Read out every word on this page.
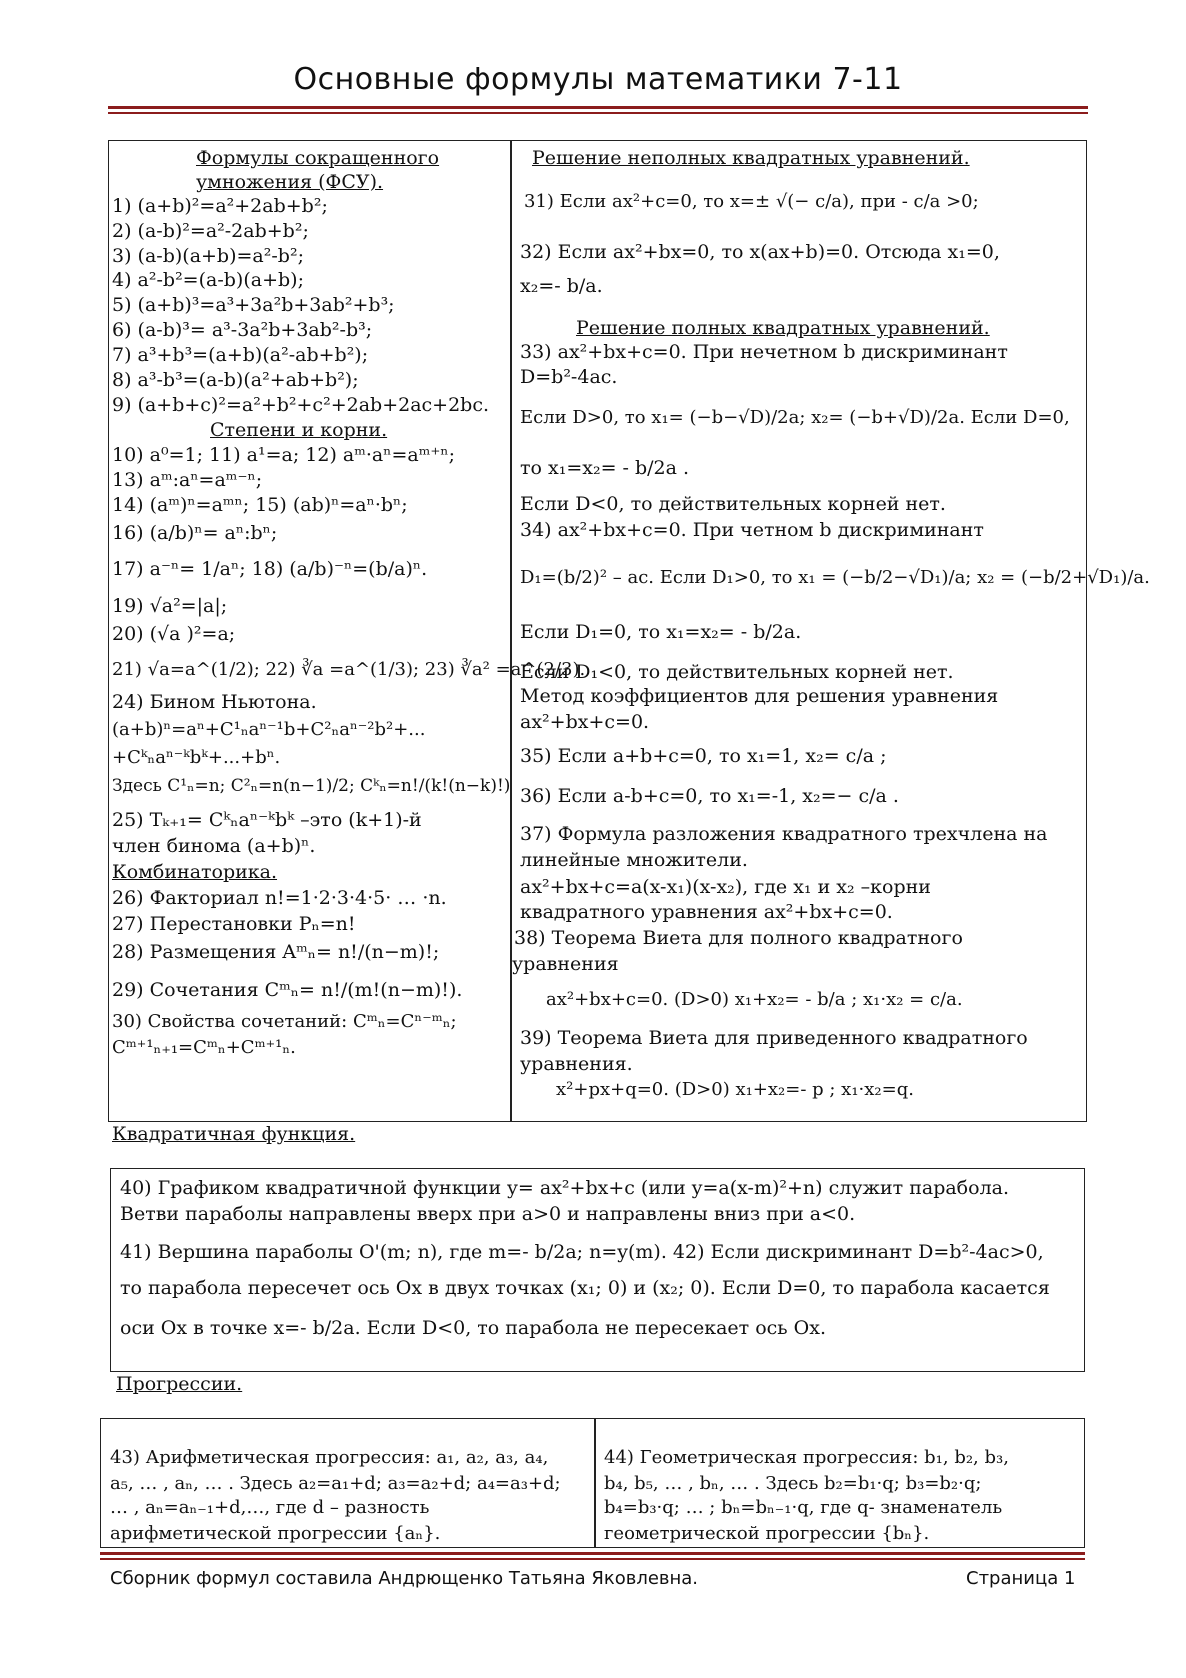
Основные формулы математики 7-11
Формулы сокращенного
умножения (ФСУ).
1) (a+b)²=a²+2ab+b²;
2) (a-b)²=a²-2ab+b²;
3) (a-b)(a+b)=a²-b²;
4) a²-b²=(a-b)(a+b);
5) (a+b)³=a³+3a²b+3ab²+b³;
6) (a-b)³= a³-3a²b+3ab²-b³;
7) a³+b³=(a+b)(a²-ab+b²);
8) a³-b³=(a-b)(a²+ab+b²);
9) (a+b+c)²=a²+b²+c²+2ab+2ac+2bc.
Степени и корни.
10) a⁰=1; 11) a¹=a; 12) aᵐ·aⁿ=aᵐ⁺ⁿ;
13) aᵐ:aⁿ=aᵐ⁻ⁿ;
14) (aᵐ)ⁿ=aᵐⁿ; 15) (ab)ⁿ=aⁿ·bⁿ;
16) (a/b)ⁿ= aⁿ:bⁿ;
17) a⁻ⁿ= 1/aⁿ; 18) (a/b)⁻ⁿ=(b/a)ⁿ.
19) √a²=|a|;
20) (√a )²=a;
21) √a=a^(1/2); 22) ∛a =a^(1/3); 23) ∛a² =a^(2/3).
24) Бином Ньютона.
(a+b)ⁿ=aⁿ+C¹ₙaⁿ⁻¹b+C²ₙaⁿ⁻²b²+...
+Cᵏₙaⁿ⁻ᵏbᵏ+...+bⁿ.
Здесь C¹ₙ=n; C²ₙ=n(n−1)/2; Cᵏₙ=n!/(k!(n−k)!)
25) Tₖ₊₁= Cᵏₙaⁿ⁻ᵏbᵏ –это (k+1)-й
член бинома (a+b)ⁿ.
Комбинаторика.
26) Факториал n!=1·2·3·4·5· … ·n.
27) Перестановки Pₙ=n!
28) Размещения Aᵐₙ= n!/(n−m)!;
29) Сочетания Cᵐₙ= n!/(m!(n−m)!).
30) Свойства сочетаний: Cᵐₙ=Cⁿ⁻ᵐₙ;
Cᵐ⁺¹ₙ₊₁=Cᵐₙ+Cᵐ⁺¹ₙ.
Решение неполных квадратных уравнений.
31) Если ax²+c=0, то x=± √(− c/a), при - c/a >0;
32) Если ax²+bx=0, то x(ax+b)=0. Отсюда x₁=0,
x₂=- b/a.
Решение полных квадратных уравнений.
33) ax²+bx+c=0. При нечетном b дискриминант
D=b²-4ac.
Если D>0, то x₁= (−b−√D)/2a; x₂= (−b+√D)/2a. Если D=0,
то x₁=x₂= - b/2a .
Если D<0, то действительных корней нет.
34) ax²+bx+c=0. При четном b дискриминант
D₁=(b/2)² – ac. Если D₁>0, то x₁ = (−b/2−√D₁)/a; x₂ = (−b/2+√D₁)/a.
Если D₁=0, то x₁=x₂= - b/2a.
Если D₁<0, то действительных корней нет.
Метод коэффициентов для решения уравнения
ax²+bx+c=0.
35) Если a+b+c=0, то x₁=1, x₂= c/a ;
36) Если a-b+c=0, то x₁=-1, x₂=− c/a .
37) Формула разложения квадратного трехчлена на
линейные множители.
ax²+bx+c=a(x-x₁)(x-x₂), где x₁ и x₂ –корни
квадратного уравнения ax²+bx+c=0.
38) Теорема Виета для полного квадратного
уравнения
ax²+bx+c=0. (D>0) x₁+x₂= - b/a ; x₁·x₂ = c/a.
39) Теорема Виета для приведенного квадратного
уравнения.
x²+px+q=0. (D>0) x₁+x₂=- p ; x₁·x₂=q.
Квадратичная функция.
40) Графиком квадратичной функции y= ax²+bx+c (или y=a(x-m)²+n) служит парабола.
Ветви параболы направлены вверх при a>0 и направлены вниз при a<0.
41) Вершина параболы O'(m; n), где m=- b/2a; n=y(m). 42) Если дискриминант D=b²-4ac>0,
то парабола пересечет ось Ox в двух точках (x₁; 0) и (x₂; 0). Если D=0, то парабола касается
оси Ox в точке x=- b/2a. Если D<0, то парабола не пересекает ось Ox.
Прогрессии.
43) Арифметическая прогрессия: a₁, a₂, a₃, a₄,
a₅, … , aₙ, … . Здесь a₂=a₁+d; a₃=a₂+d; a₄=a₃+d;
… , aₙ=aₙ₋₁+d,…, где d – разность
арифметической прогрессии {aₙ}.
44) Геометрическая прогрессия: b₁, b₂, b₃,
b₄, b₅, … , bₙ, … . Здесь b₂=b₁·q; b₃=b₂·q;
b₄=b₃·q; … ; bₙ=bₙ₋₁·q, где q- знаменатель
геометрической прогрессии {bₙ}.
Сборник формул составила Андрющенко Татьяна Яковлевна.	Страница 1
